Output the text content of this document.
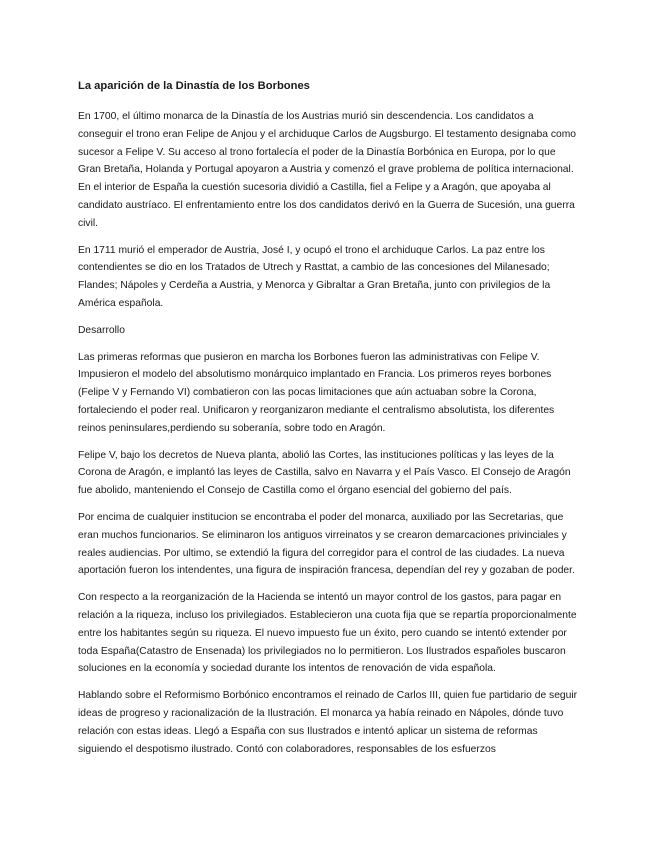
La aparición de la Dinastía de los Borbones
En 1700, el último monarca de la Dinastía de los Austrias murió sin descendencia. Los candidatos a conseguir el trono eran Felipe de Anjou y el archiduque Carlos de Augsburgo. El testamento designaba como sucesor a Felipe V. Su acceso al trono fortalecía el poder de la Dinastía Borbónica en Europa, por lo que Gran Bretaña, Holanda y Portugal apoyaron a Austria y comenzó el grave problema de política internacional. En el interior de España la cuestión sucesoria dividió a Castilla, fiel a Felipe y a Aragón, que apoyaba al candidato austríaco. El enfrentamiento entre los dos candidatos derivó en la Guerra de Sucesión, una guerra civil.
En 1711 murió el emperador de Austria, José I, y ocupó el trono el archiduque Carlos. La paz entre los contendientes se dio en los Tratados de Utrech y Rasttat, a cambio de las concesiones del Milanesado; Flandes; Nápoles y Cerdeña a Austria, y Menorca y Gibraltar a Gran Bretaña, junto con privilegios de la América española.
Desarrollo
Las primeras reformas que pusieron en marcha los Borbones fueron las administrativas con Felipe V. Impusieron el modelo del absolutismo monárquico implantado en Francia. Los primeros reyes borbones (Felipe V y Fernando VI) combatieron con las pocas limitaciones que aún actuaban sobre la Corona, fortaleciendo el poder real. Unificaron y reorganizaron mediante el centralismo absolutista, los diferentes reinos peninsulares,perdiendo su soberanía, sobre todo en Aragón.
Felipe V, bajo los decretos de Nueva planta, abolió las Cortes, las instituciones políticas y las leyes de la Corona de Aragón, e implantó las leyes de Castilla, salvo en Navarra y el País Vasco. El Consejo de Aragón fue abolido, manteniendo el Consejo de Castilla como el órgano esencial del gobierno del país.
Por encima de cualquier institucion se encontraba el poder del monarca, auxiliado por las Secretarias, que eran muchos funcionarios. Se eliminaron los antiguos virreinatos y se crearon demarcaciones privinciales y reales audiencias. Por ultimo, se extendió la figura del corregidor para el control de las ciudades. La nueva aportación fueron los intendentes, una figura de inspiración francesa, dependían del rey y gozaban de poder.
Con respecto a la reorganización de la Hacienda se intentó un mayor control de los gastos, para pagar en relación a la riqueza, incluso los privilegiados. Establecieron una cuota fija que se repartía proporcionalmente entre los habitantes según su riqueza. El nuevo impuesto fue un éxito, pero cuando se intentó extender por toda España(Catastro de Ensenada) los privilegiados no lo permitieron. Los Ilustrados españoles buscaron soluciones en la economía y sociedad durante los intentos de renovación de vida española.
Hablando sobre el Reformismo Borbónico encontramos el reinado de Carlos III, quien fue partidario de seguir ideas de progreso y racionalización de la Ilustración. El monarca ya había reinado en Nápoles, dónde tuvo relación con estas ideas. Llegó a España con sus Ilustrados e intentó aplicar un sistema de reformas siguiendo el despotismo ilustrado. Contó con colaboradores, responsables de los esfuerzos
